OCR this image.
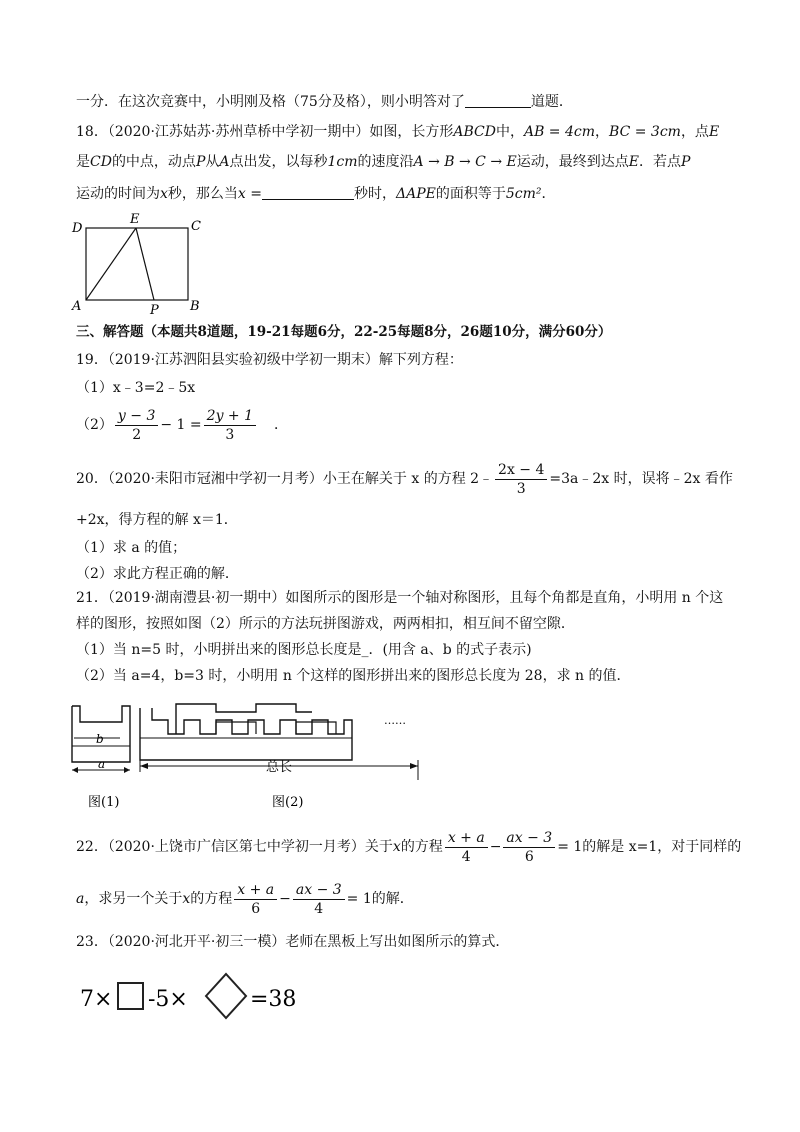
一分．在这次竞赛中，小明刚及格（75分及格），则小明答对了	道题．
18．（2020·江苏姑苏·苏州草桥中学初一期中）如图，长方形ABCD中，AB = 4cm，BC = 3cm，点E
是CD的中点，动点P从A点出发，以每秒1cm的速度沿A → B → C → E运动，最终到达点E．若点P
运动的时间为x秒，那么当x =	秒时，ΔAPE的面积等于5cm²．
D
E	C
A	P B
三、解答题（本题共8道题，19-21每题6分，22-25每题8分，26题10分，满分60分）
19．（2019·江苏泗阳县实验初级中学初一期末）解下列方程：
（1）x﹣3=2﹣5x
$(2) \frac{y - 3}{2} - 1 = \frac{2y + 1}{3}$ ．
20．（2020·耒阳市冠湘中学初一月考）小王在解关于 x 的方程 2﹣ $\frac{2x - 4}{3}$ =3a﹣2x 时，误将﹣2x 看作
+2x，得方程的解 x＝1．
（1）求 a 的值；
（2）求此方程正确的解．
21．（2019·湖南澧县·初一期中）如图所示的图形是一个轴对称图形，且每个角都是直角，小明用 n 个这
样的图形，按照如图（2）所示的方法玩拼图游戏，两两相扣，相互间不留空隙．
（1）当 n=5 时，小明拼出来的图形总长度是_．(用含 a、b 的式子表示)
（2）当 a=4，b=3 时，小明用 n 个这样的图形拼出来的图形总长度为 28，求 n 的值．
b
a
图(1)
总长
……
图(2)
22．（2020·上饶市广信区第七中学初一月考）关于x的方程 $\frac{x + a}{4} - \frac{ax - 3}{6} = 1$的解是 x=1，对于同样的
a，求另一个关于x的方程 $\frac{x + a}{6} - \frac{ax - 3}{4} = 1$的解．
23．（2020·河北开平·初三一模）老师在黑板上写出如图所示的算式．
7× -5×	=38
